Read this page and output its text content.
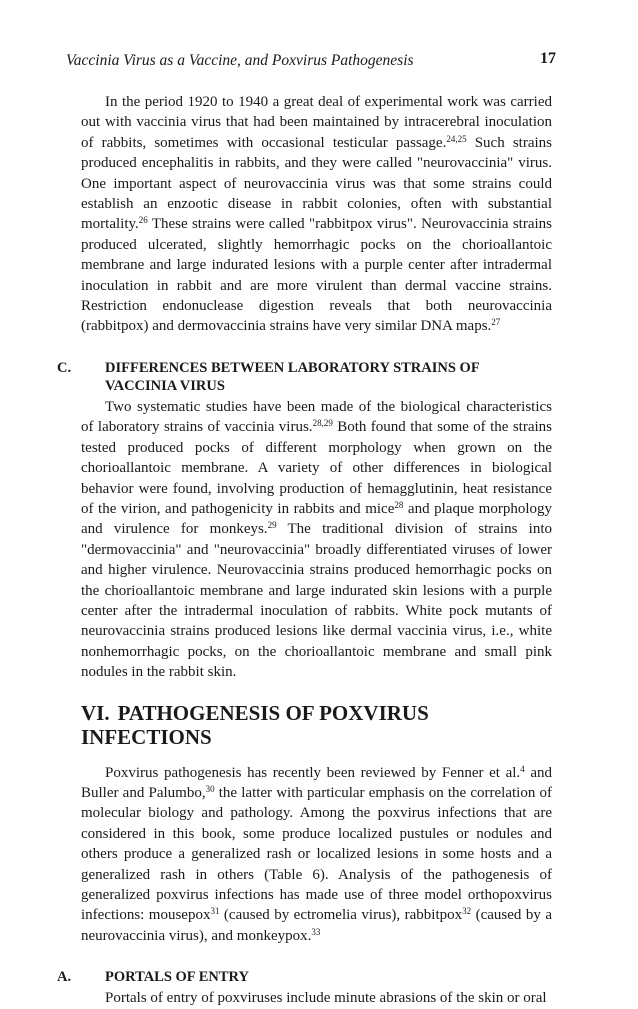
Vaccinia Virus as a Vaccine, and Poxvirus Pathogenesis	17

In the period 1920 to 1940 a great deal of experimental work was carried out with vaccinia virus that had been maintained by intracerebral inoculation of rabbits, sometimes with occasional testicular passage.$^{24,25}$ Such strains produced encephalitis in rabbits, and they were called "neurovaccinia" virus. One important aspect of neurovaccinia virus was that some strains could establish an enzootic disease in rabbit colonies, often with substantial mortality.$^{26}$ These strains were called "rabbitpox virus". Neurovaccinia strains produced ulcerated, slightly hemorrhagic pocks on the chorioallantoic membrane and large indurated lesions with a purple center after intradermal inoculation in rabbit and are more virulent than dermal vaccine strains. Restriction endonuclease digestion reveals that both neurovaccinia (rabbitpox) and dermovaccinia strains have very similar DNA maps.$^{27}$

C. DIFFERENCES BETWEEN LABORATORY STRAINS OF VACCINIA VIRUS

Two systematic studies have been made of the biological characteristics of laboratory strains of vaccinia virus.$^{28,29}$ Both found that some of the strains tested produced pocks of different morphology when grown on the chorioallantoic membrane. A variety of other differences in biological behavior were found, involving production of hemagglutinin, heat resistance of the virion, and pathogenicity in rabbits and mice$^{28}$ and plaque morphology and virulence for monkeys.$^{29}$ The traditional division of strains into "dermovaccinia" and "neurovaccinia" broadly differentiated viruses of lower and higher virulence. Neurovaccinia strains produced hemorrhagic pocks on the chorioallantoic membrane and large indurated skin lesions with a purple center after the intradermal inoculation of rabbits. White pock mutants of neurovaccinia strains produced lesions like dermal vaccinia virus, i.e., white nonhemorrhagic pocks, on the chorioallantoic membrane and small pink nodules in the rabbit skin.

VI. PATHOGENESIS OF POXVIRUS INFECTIONS

Poxvirus pathogenesis has recently been reviewed by Fenner et al.$^4$ and Buller and Palumbo,$^{30}$ the latter with particular emphasis on the correlation of molecular biology and pathology. Among the poxvirus infections that are considered in this book, some produce localized pustules or nodules and others produce a generalized rash or localized lesions in some hosts and a generalized rash in others (Table 6). Analysis of the pathogenesis of generalized poxvirus infections has made use of three model orthopoxvirus infections: mousepox$^{31}$ (caused by ectromelia virus), rabbitpox$^{32}$ (caused by a neurovaccinia virus), and monkeypox.$^{33}$

A. PORTALS OF ENTRY

Portals of entry of poxviruses include minute abrasions of the skin or oral
